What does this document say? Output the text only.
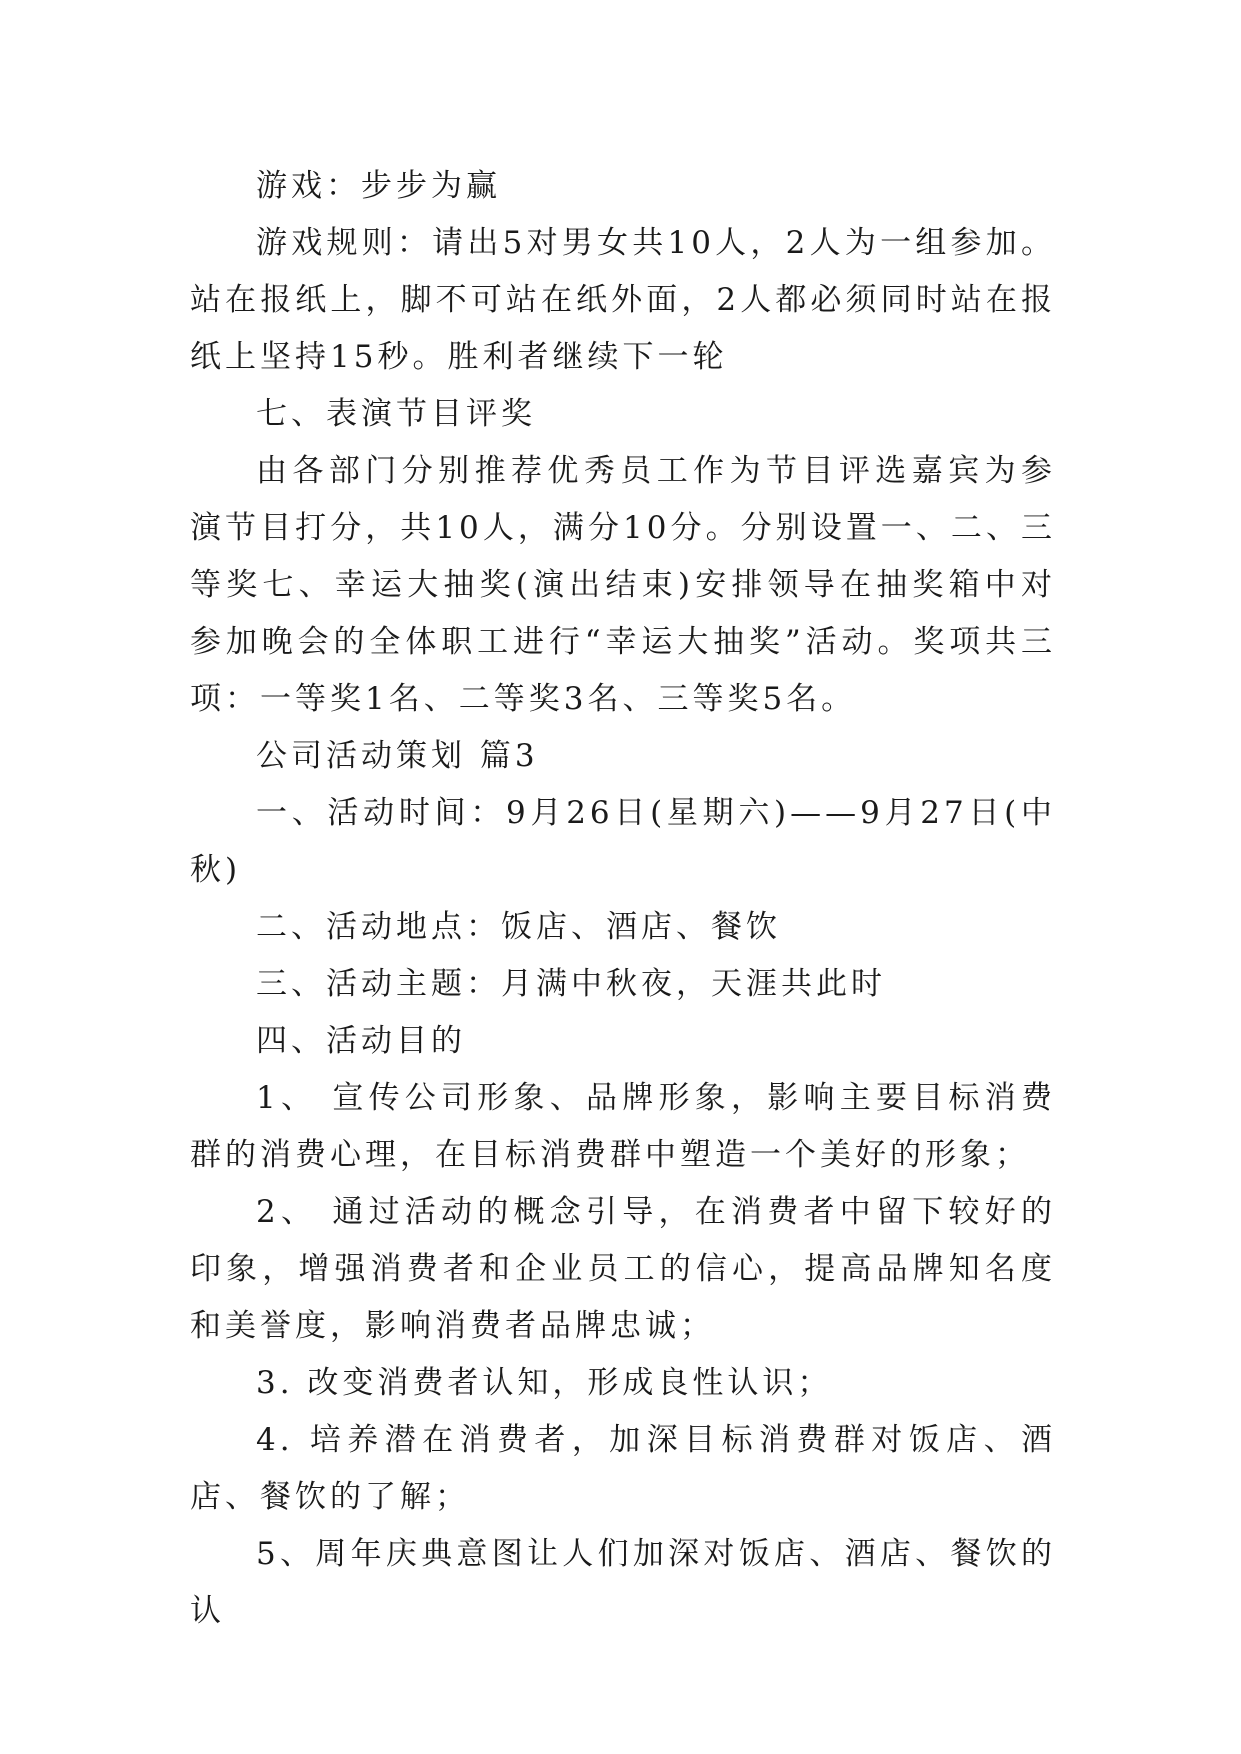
游戏：步步为赢

游戏规则：请出5对男女共10人，2人为一组参加。站在报纸上，脚不可站在纸外面，2人都必须同时站在报纸上坚持15秒。胜利者继续下一轮

七、表演节目评奖

由各部门分别推荐优秀员工作为节目评选嘉宾为参演节目打分，共10人，满分10分。分别设置一、二、三等奖七、幸运大抽奖(演出结束)安排领导在抽奖箱中对参加晚会的全体职工进行“幸运大抽奖”活动。奖项共三项：一等奖1名、二等奖3名、三等奖5名。

公司活动策划 篇3

一、活动时间：9月26日(星期六)——9月27日(中秋)

二、活动地点：饭店、酒店、餐饮

三、活动主题：月满中秋夜，天涯共此时

四、活动目的

1、 宣传公司形象、品牌形象，影响主要目标消费群的消费心理，在目标消费群中塑造一个美好的形象；

2、 通过活动的概念引导，在消费者中留下较好的印象，增强消费者和企业员工的信心，提高品牌知名度和美誉度，影响消费者品牌忠诚；

3. 改变消费者认知，形成良性认识；

4. 培养潜在消费者，加深目标消费群对饭店、酒店、餐饮的了解；

5、周年庆典意图让人们加深对饭店、酒店、餐饮的认
